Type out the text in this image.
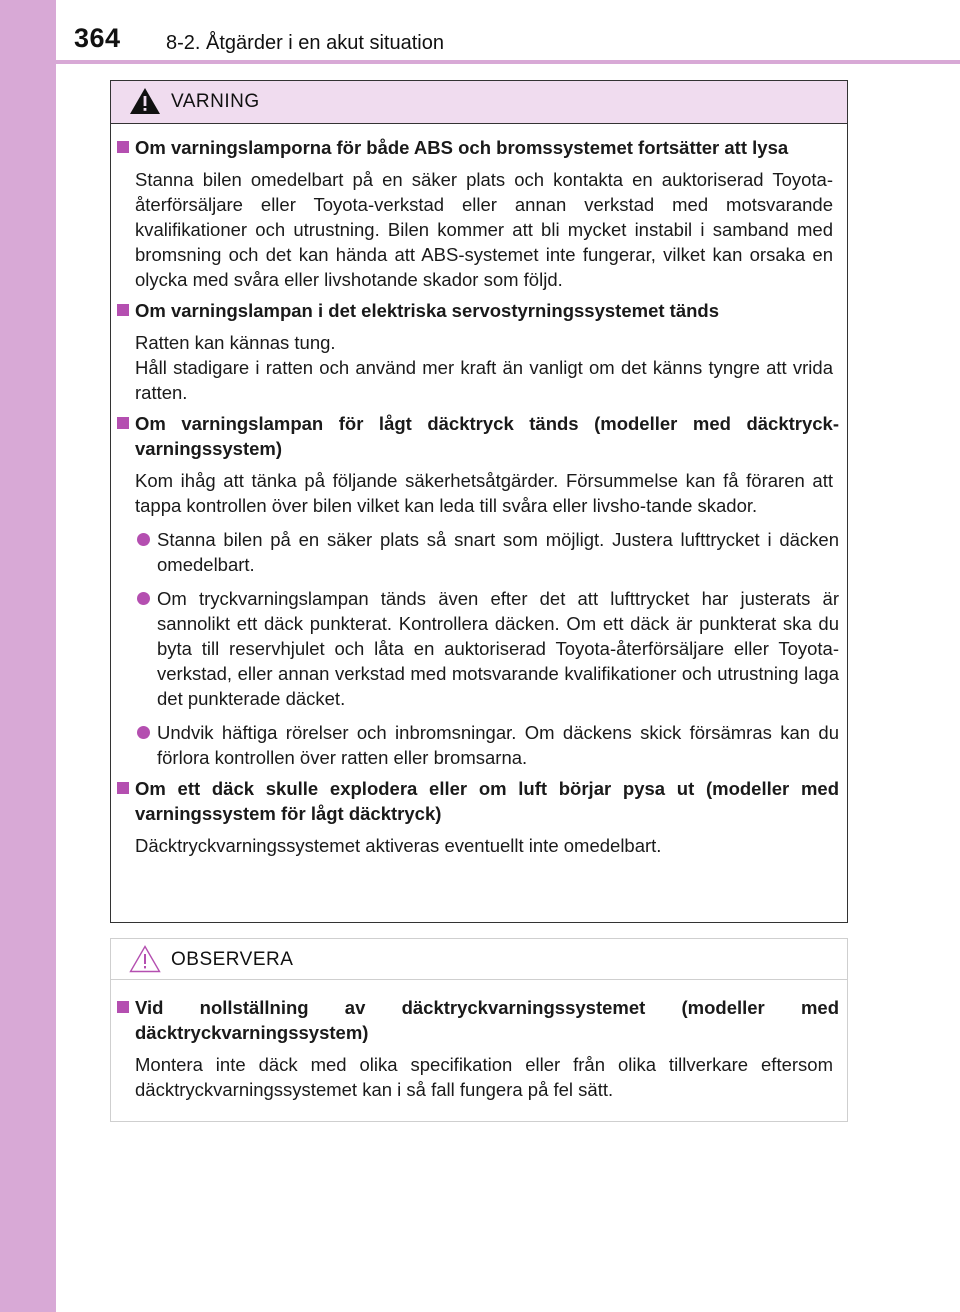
364 8-2. Åtgärder i en akut situation
VARNING
Om varningslamporna för både ABS och bromssystemet fortsätter att lysa
Stanna bilen omedelbart på en säker plats och kontakta en auktoriserad Toyota-återförsäljare eller Toyota-verkstad eller annan verkstad med motsvarande kvalifikationer och utrustning. Bilen kommer att bli mycket instabil i samband med bromsning och det kan hända att ABS-systemet inte fungerar, vilket kan orsaka en olycka med svåra eller livshotande skador som följd.
Om varningslampan i det elektriska servostyrningssystemet tänds
Ratten kan kännas tung.
Håll stadigare i ratten och använd mer kraft än vanligt om det känns tyngre att vrida ratten.
Om varningslampan för lågt däcktryck tänds (modeller med däcktryck-varningssystem)
Kom ihåg att tänka på följande säkerhetsåtgärder. Försummelse kan få föraren att tappa kontrollen över bilen vilket kan leda till svåra eller livsho-tande skador.
Stanna bilen på en säker plats så snart som möjligt. Justera lufttrycket i däcken omedelbart.
Om tryckvarningslampan tänds även efter det att lufttrycket har justerats är sannolikt ett däck punkterat. Kontrollera däcken. Om ett däck är punkterat ska du byta till reservhjulet och låta en auktoriserad Toyota-återförsäljare eller Toyota-verkstad, eller annan verkstad med motsvarande kvalifikationer och utrustning laga det punkterade däcket.
Undvik häftiga rörelser och inbromsningar. Om däckens skick försämras kan du förlora kontrollen över ratten eller bromsarna.
Om ett däck skulle explodera eller om luft börjar pysa ut (modeller med varningssystem för lågt däcktryck)
Däcktryckvarningssystemet aktiveras eventuellt inte omedelbart.
OBSERVERA
Vid nollställning av däcktryckvarningssystemet (modeller med däcktryckvarningssystem)
Montera inte däck med olika specifikation eller från olika tillverkare eftersom däcktryckvarningssystemet kan i så fall fungera på fel sätt.
